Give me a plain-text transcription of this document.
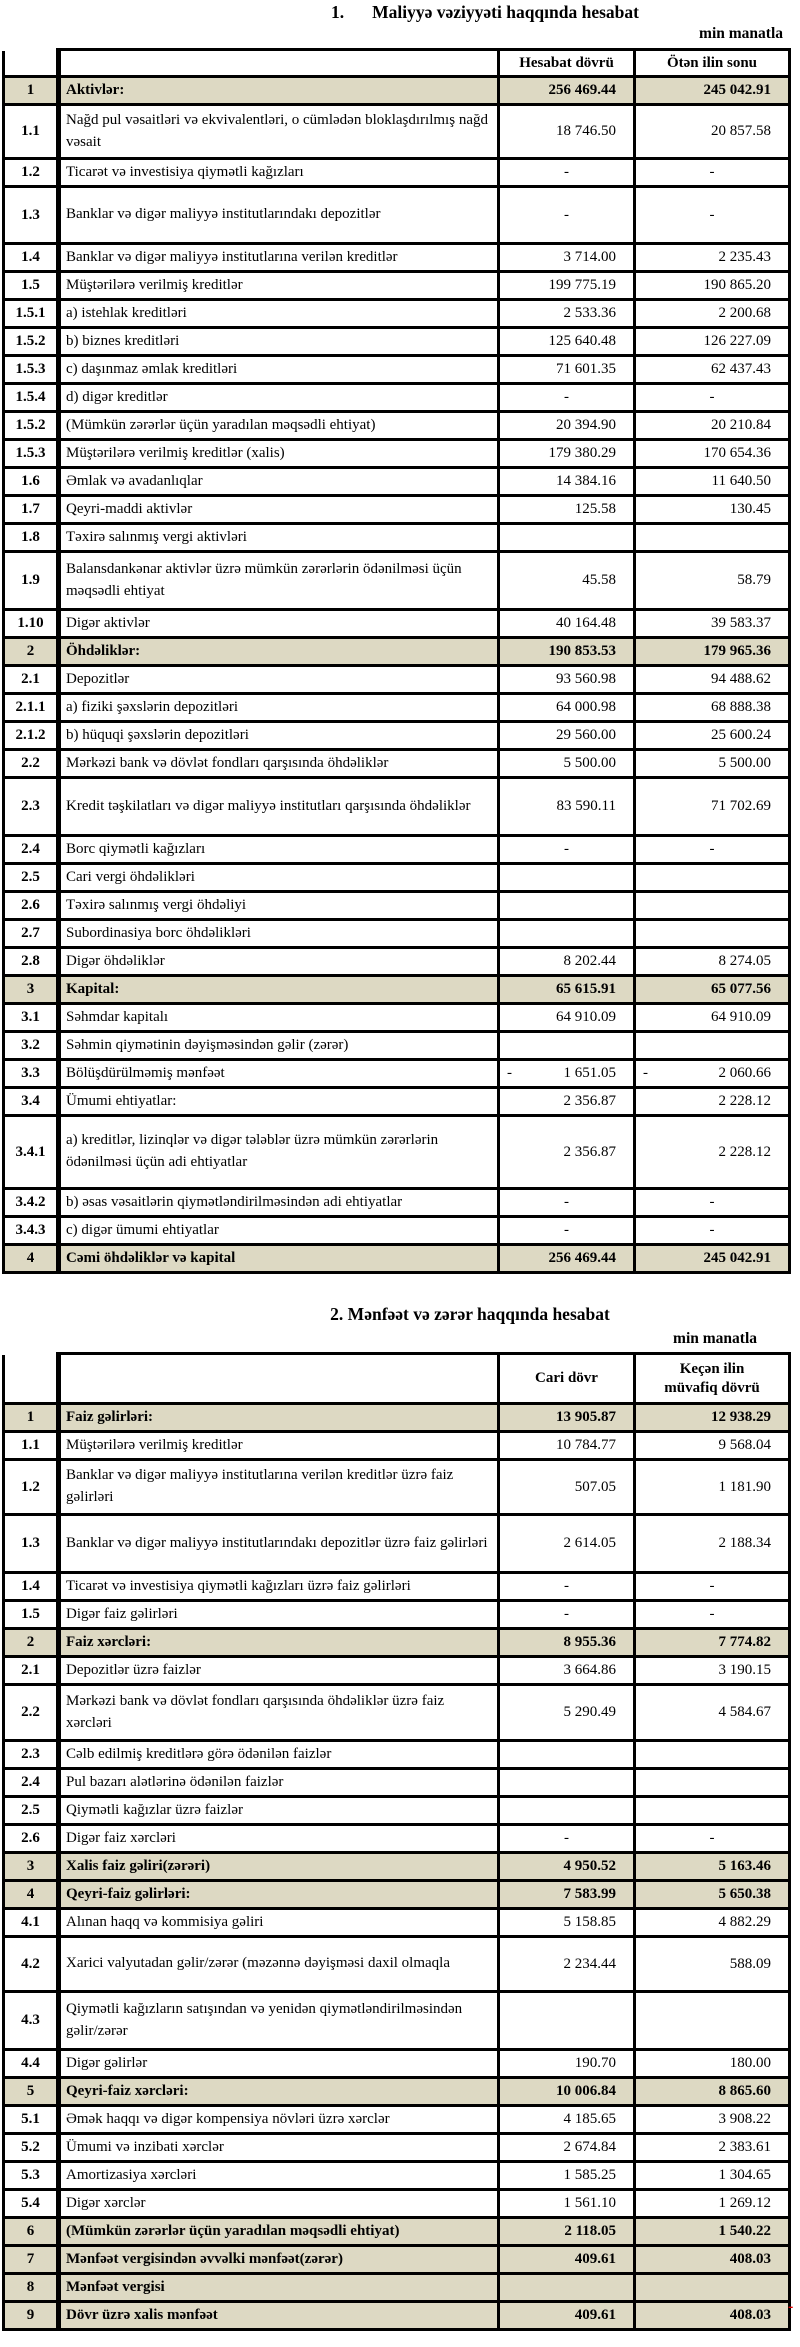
1. Maliyyə vəziyyəti haqqında hesabat
min manatla
		Hesabat dövrü	Ötən ilin sonu
1	Aktivlər:	256 469.44	245 042.91
1.1	Nağd pul vəsaitləri və ekvivalentləri, o cümlədən bloklaşdırılmış nağd vəsait	18 746.50	20 857.58
1.2	Ticarət və investisiya qiymətli kağızları	-	-
1.3	Banklar və digər maliyyə institutlarındakı depozitlər	-	-
1.4	Banklar və digər maliyyə institutlarına verilən kreditlər	3 714.00	2 235.43
1.5	Müştərilərə verilmiş kreditlər	199 775.19	190 865.20
1.5.1	a) istehlak kreditləri	2 533.36	2 200.68
1.5.2	b) biznes kreditləri	125 640.48	126 227.09
1.5.3	c) daşınmaz əmlak kreditləri	71 601.35	62 437.43
1.5.4	d) digər kreditlər	-	-
1.5.2	(Mümkün zərərlər üçün yaradılan məqsədli ehtiyat)	20 394.90	20 210.84
1.5.3	Müştərilərə verilmiş kreditlər (xalis)	179 380.29	170 654.36
1.6	Əmlak və avadanlıqlar	14 384.16	11 640.50
1.7	Qeyri-maddi aktivlər	125.58	130.45
1.8	Təxirə salınmış vergi aktivləri		
1.9	Balansdankənar aktivlər üzrə mümkün zərərlərin ödənilməsi üçün məqsədli ehtiyat	45.58	58.79
1.10	Digər aktivlər	40 164.48	39 583.37
2	Öhdəliklər:	190 853.53	179 965.36
2.1	Depozitlər	93 560.98	94 488.62
2.1.1	a) fiziki şəxslərin depozitləri	64 000.98	68 888.38
2.1.2	b) hüquqi şəxslərin depozitləri	29 560.00	25 600.24
2.2	Mərkəzi bank və dövlət fondları qarşısında öhdəliklər	5 500.00	5 500.00
2.3	Kredit təşkilatları və digər maliyyə institutları qarşısında öhdəliklər	83 590.11	71 702.69
2.4	Borc qiymətli kağızları	-	-
2.5	Cari vergi öhdəlikləri		
2.6	Təxirə salınmış vergi öhdəliyi		
2.7	Subordinasiya borc öhdəlikləri		
2.8	Digər öhdəliklər	8 202.44	8 274.05
3	Kapital:	65 615.91	65 077.56
3.1	Səhmdar kapitalı	64 910.09	64 910.09
3.2	Səhmin qiymətinin dəyişməsindən gəlir (zərər)		
3.3	Bölüşdürülməmiş mənfəət	- 1 651.05	- 2 060.66
3.4	Ümumi ehtiyatlar:	2 356.87	2 228.12
3.4.1	a) kreditlər, lizinqlər və digər tələblər üzrə mümkün zərərlərin ödənilməsi üçün adi ehtiyatlar	2 356.87	2 228.12
3.4.2	b) əsas vəsaitlərin qiymətləndirilməsindən adi ehtiyatlar	-	-
3.4.3	c) digər ümumi ehtiyatlar	-	-
4	Cəmi öhdəliklər və kapital	256 469.44	245 042.91
2. Mənfəət və zərər haqqında hesabat
min manatla
		Cari dövr	Keçən ilin müvafiq dövrü
1	Faiz gəlirləri:	13 905.87	12 938.29
1.1	Müştərilərə verilmiş kreditlər	10 784.77	9 568.04
1.2	Banklar və digər maliyyə institutlarına verilən kreditlər üzrə faiz gəlirləri	507.05	1 181.90
1.3	Banklar və digər maliyyə institutlarındakı depozitlər üzrə faiz gəlirləri	2 614.05	2 188.34
1.4	Ticarət və investisiya qiymətli kağızları üzrə faiz gəlirləri	-	-
1.5	Digər faiz gəlirləri	-	-
2	Faiz xərcləri:	8 955.36	7 774.82
2.1	Depozitlər üzrə faizlər	3 664.86	3 190.15
2.2	Mərkəzi bank və dövlət fondları qarşısında öhdəliklər üzrə faiz xərcləri	5 290.49	4 584.67
2.3	Cəlb edilmiş kreditlərə görə ödənilən faizlər		
2.4	Pul bazarı alətlərinə ödənilən faizlər		
2.5	Qiymətli kağızlar üzrə faizlər		
2.6	Digər faiz xərcləri	-	-
3	Xalis faiz gəliri(zərəri)	4 950.52	5 163.46
4	Qeyri-faiz gəlirləri:	7 583.99	5 650.38
4.1	Alınan haqq və kommisiya gəliri	5 158.85	4 882.29
4.2	Xarici valyutadan gəlir/zərər (məzənnə dəyişməsi daxil olmaqla	2 234.44	588.09
4.3	Qiymətli kağızların satışından və yenidən qiymətləndirilməsindən gəlir/zərər		
4.4	Digər gəlirlər	190.70	180.00
5	Qeyri-faiz xərcləri:	10 006.84	8 865.60
5.1	Əmək haqqı və digər kompensiya növləri üzrə xərclər	4 185.65	3 908.22
5.2	Ümumi və inzibati xərclər	2 674.84	2 383.61
5.3	Amortizasiya xərcləri	1 585.25	1 304.65
5.4	Digər xərclər	1 561.10	1 269.12
6	(Mümkün zərərlər üçün yaradılan məqsədli ehtiyat)	2 118.05	1 540.22
7	Mənfəət vergisindən əvvəlki mənfəət(zərər)	409.61	408.03
8	Mənfəət vergisi		
9	Dövr üzrə xalis mənfəət	409.61	408.03 -
